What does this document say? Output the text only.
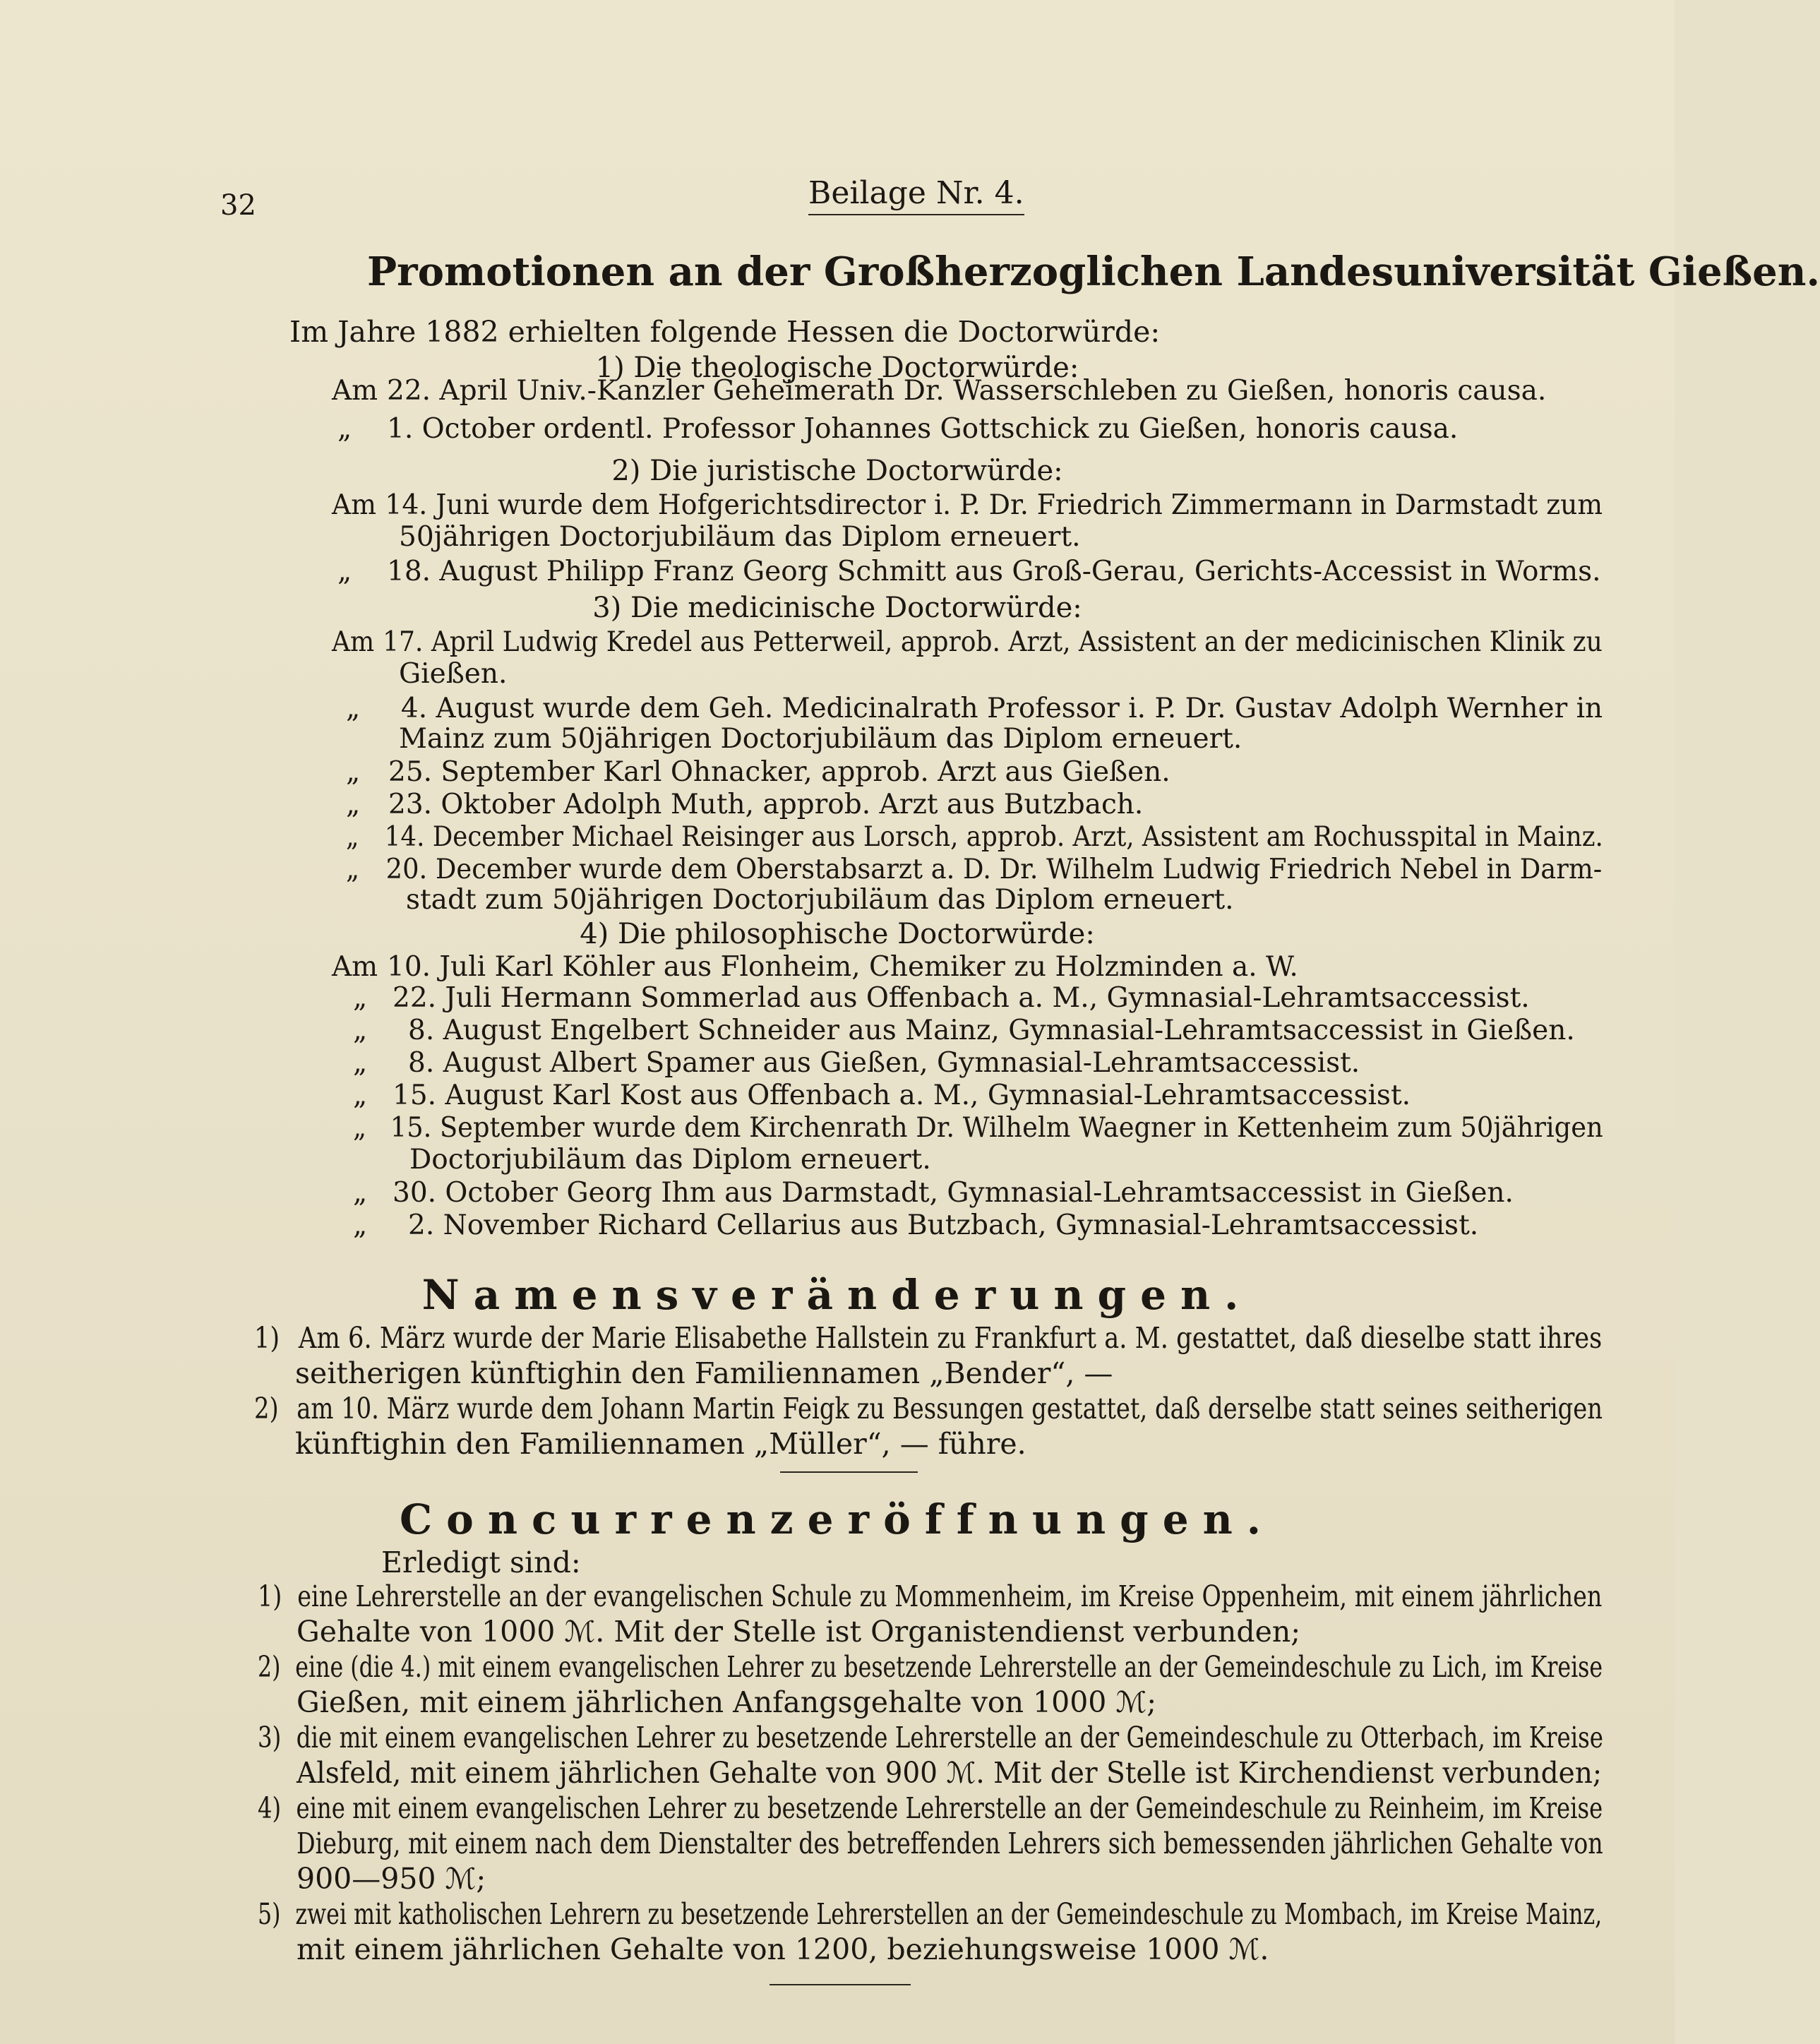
32	Beilage Nr. 4.
Promotionen an der Großherzoglichen Landesuniversität Gießen.
Im Jahre 1882 erhielten folgende Hessen die Doctorwürde:
1) Die theologische Doctorwürde:
Am 22. April Univ.-Kanzler Geheimerath Dr. Wasserschleben zu Gießen, honoris causa.
„ 1. October ordentl. Professor Johannes Gottschick zu Gießen, honoris causa.
2) Die juristische Doctorwürde:
Am 14. Juni wurde dem Hofgerichtsdirector i. P. Dr. Friedrich Zimmermann in Darmstadt zum
50jährigen Doctorjubiläum das Diplom erneuert.
„ 18. August Philipp Franz Georg Schmitt aus Groß-Gerau, Gerichts-Accessist in Worms.
3) Die medicinische Doctorwürde:
Am 17. April Ludwig Kredel aus Petterweil, approb. Arzt, Assistent an der medicinischen Klinik zu
Gießen.
„ 4. August wurde dem Geh. Medicinalrath Professor i. P. Dr. Gustav Adolph Wernher in
Mainz zum 50jährigen Doctorjubiläum das Diplom erneuert.
„ 25. September Karl Ohnacker, approb. Arzt aus Gießen.
„ 23. Oktober Adolph Muth, approb. Arzt aus Butzbach.
„ 14. December Michael Reisinger aus Lorsch, approb. Arzt, Assistent am Rochusspital in Mainz.
„ 20. December wurde dem Oberstabsarzt a. D. Dr. Wilhelm Ludwig Friedrich Nebel in Darm-
stadt zum 50jährigen Doctorjubiläum das Diplom erneuert.
4) Die philosophische Doctorwürde:
Am 10. Juli Karl Köhler aus Flonheim, Chemiker zu Holzminden a. W.
„ 22. Juli Hermann Sommerlad aus Offenbach a. M., Gymnasial-Lehramtsaccessist.
„ 8. August Engelbert Schneider aus Mainz, Gymnasial-Lehramtsaccessist in Gießen.
„ 8. August Albert Spamer aus Gießen, Gymnasial-Lehramtsaccessist.
„ 15. August Karl Kost aus Offenbach a. M., Gymnasial-Lehramtsaccessist.
„ 15. September wurde dem Kirchenrath Dr. Wilhelm Waegner in Kettenheim zum 50jährigen
Doctorjubiläum das Diplom erneuert.
„ 30. October Georg Ihm aus Darmstadt, Gymnasial-Lehramtsaccessist in Gießen.
„ 2. November Richard Cellarius aus Butzbach, Gymnasial-Lehramtsaccessist.
Namensveränderungen.
1) Am 6. März wurde der Marie Elisabethe Hallstein zu Frankfurt a. M. gestattet, daß dieselbe statt ihres
seitherigen künftighin den Familiennamen „Bender“, —
2) am 10. März wurde dem Johann Martin Feigk zu Bessungen gestattet, daß derselbe statt seines seitherigen
künftighin den Familiennamen „Müller“, — führe.
Concurrenzeröffnungen.
Erledigt sind:
1) eine Lehrerstelle an der evangelischen Schule zu Mommenheim, im Kreise Oppenheim, mit einem jährlichen
Gehalte von 1000 ℳ. Mit der Stelle ist Organistendienst verbunden;
2) eine (die 4.) mit einem evangelischen Lehrer zu besetzende Lehrerstelle an der Gemeindeschule zu Lich, im Kreise
Gießen, mit einem jährlichen Anfangsgehalte von 1000 ℳ;
3) die mit einem evangelischen Lehrer zu besetzende Lehrerstelle an der Gemeindeschule zu Otterbach, im Kreise
Alsfeld, mit einem jährlichen Gehalte von 900 ℳ. Mit der Stelle ist Kirchendienst verbunden;
4) eine mit einem evangelischen Lehrer zu besetzende Lehrerstelle an der Gemeindeschule zu Reinheim, im Kreise
Dieburg, mit einem nach dem Dienstalter des betreffenden Lehrers sich bemessenden jährlichen Gehalte von
900—950 ℳ;
5) zwei mit katholischen Lehrern zu besetzende Lehrerstellen an der Gemeindeschule zu Mombach, im Kreise Mainz,
mit einem jährlichen Gehalte von 1200, beziehungsweise 1000 ℳ.
